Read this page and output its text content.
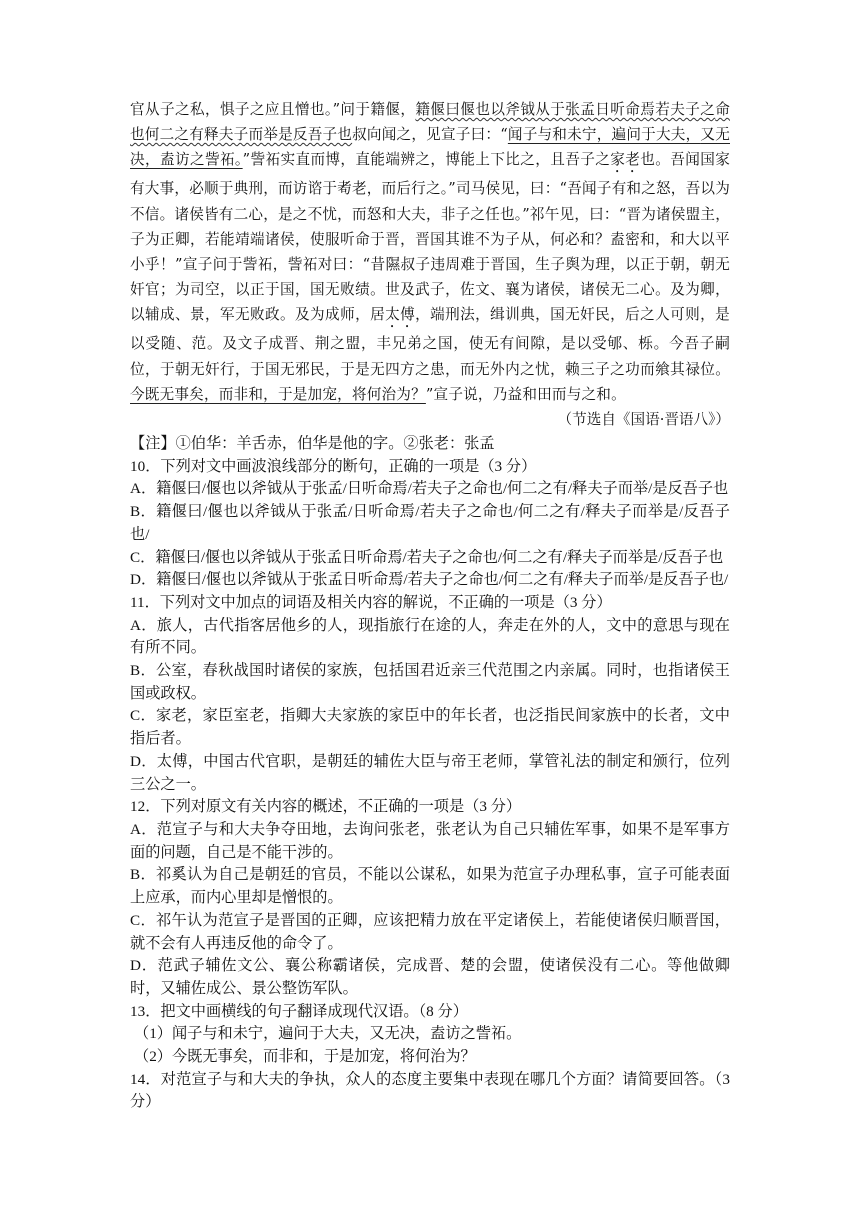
官从子之私，惧子之应且憎也。”问于籍偃，籍偃曰偃也以斧钺从于张孟日听命焉若夫子之命也何二之有释夫子而举是反吾子也叔向闻之，见宣子曰：“闻子与和未宁，遍问于大夫，又无决，盍访之訾祏。”訾祏实直而博，直能端辨之，博能上下比之，且吾子之家老也。吾闻国家有大事，必顺于典刑，而访谘于耇老，而后行之。”司马侯见，曰：“吾闻子有和之怒，吾以为不信。诸侯皆有二心，是之不忧，而怒和大夫，非子之任也。”祁午见，曰：“晋为诸侯盟主，子为正卿，若能靖端诸侯，使服听命于晋，晋国其谁不为子从，何必和？盍密和，和大以平小乎！”宣子问于訾祏，訾祏对曰：“昔隰叔子违周难于晋国，生子舆为理，以正于朝，朝无奸官；为司空，以正于国，国无败绩。世及武子，佐文、襄为诸侯，诸侯无二心。及为卿，以辅成、景，军无败政。及为成师，居太傅，端刑法，缉训典，国无奸民，后之人可则，是以受随、范。及文子成晋、荆之盟，丰兄弟之国，使无有间隙，是以受郇、栎。今吾子嗣位，于朝无奸行，于国无邪民，于是无四方之患，而无外内之忧，赖三子之功而飨其禄位。今既无事矣，而非和，于是加宠，将何治为？”宣子说，乃益和田而与之和。

（节选自《国语·晋语八》）

【注】①伯华：羊舌赤，伯华是他的字。②张老：张孟

10．下列对文中画波浪线部分的断句，正确的一项是（3 分）

A．籍偃曰/偃也以斧钺从于张孟/日听命焉/若夫子之命也/何二之有/释夫子而举/是反吾子也

B．籍偃曰/偃也以斧钺从于张孟/日听命焉/若夫子之命也/何二之有/释夫子而举是/反吾子也/

C．籍偃曰/偃也以斧钺从于张孟日听命焉/若夫子之命也/何二之有/释夫子而举是/反吾子也

D．籍偃曰/偃也以斧钺从于张孟日听命焉/若夫子之命也/何二之有/释夫子而举/是反吾子也/

11．下列对文中加点的词语及相关内容的解说，不正确的一项是（3 分）

A．旅人，古代指客居他乡的人，现指旅行在途的人，奔走在外的人，文中的意思与现在有所不同。

B．公室，春秋战国时诸侯的家族，包括国君近亲三代范围之内亲属。同时，也指诸侯王国或政权。

C．家老，家臣室老，指卿大夫家族的家臣中的年长者，也泛指民间家族中的长者，文中指后者。

D．太傅，中国古代官职，是朝廷的辅佐大臣与帝王老师，掌管礼法的制定和颁行，位列三公之一。

12．下列对原文有关内容的概述，不正确的一项是（3 分）

A．范宣子与和大夫争夺田地，去询问张老，张老认为自己只辅佐军事，如果不是军事方面的问题，自己是不能干涉的。

B．祁奚认为自己是朝廷的官员，不能以公谋私，如果为范宣子办理私事，宣子可能表面上应承，而内心里却是憎恨的。

C．祁午认为范宣子是晋国的正卿，应该把精力放在平定诸侯上，若能使诸侯归顺晋国，就不会有人再违反他的命令了。

D．范武子辅佐文公、襄公称霸诸侯，完成晋、楚的会盟，使诸侯没有二心。等他做卿时，又辅佐成公、景公整饬军队。

13．把文中画横线的句子翻译成现代汉语。（8 分）

（1）闻子与和未宁，遍问于大夫，又无决，盍访之訾祏。

（2）今既无事矣，而非和，于是加宠，将何治为？

14．对范宣子与和大夫的争执，众人的态度主要集中表现在哪几个方面？请简要回答。（3 分）
